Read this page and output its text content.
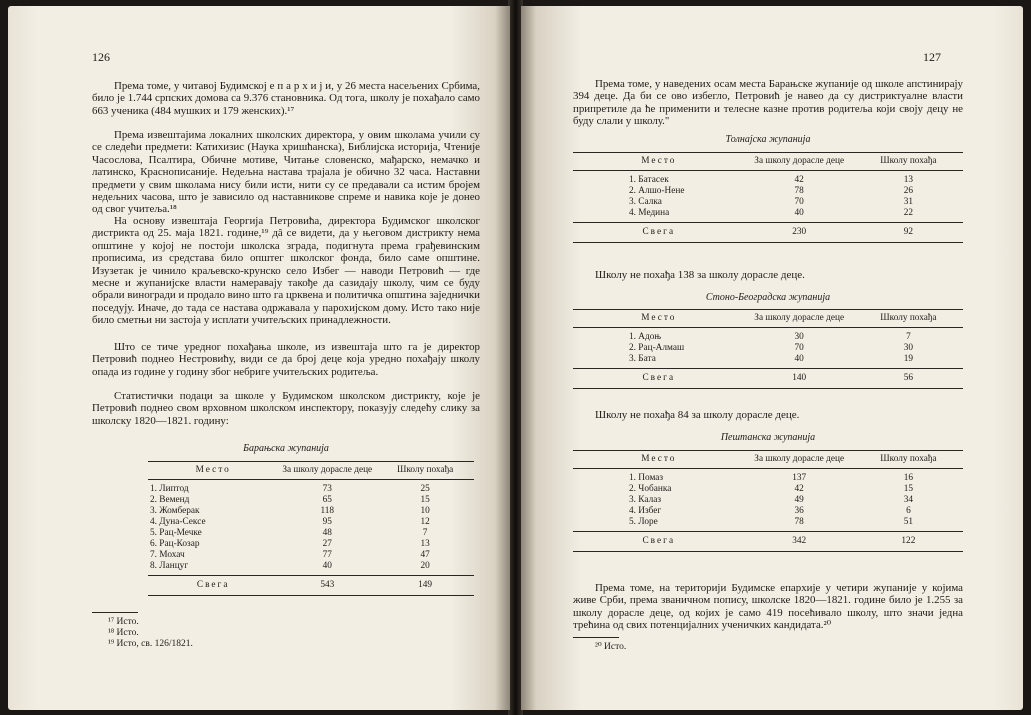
126

Према томе, у читавој Будимској е п а р х и ј и, у 26 места насељених Србима, било је 1.744 српских домова са 9.376 становника. Од тога, школу је похађало само 663 ученика (484 мушких и 179 женских).¹⁷

Према извештајима локалних школских директора, у овим школама учили су се следећи предмети: Катихизис (Наука хришћанска), Библијска историја, Чтеније Часослова, Псалтира, Обичне мотиве, Читање словенско, мађарско, немачко и латинско, Краснописаније. Недељна настава трајала је обично 32 часа. Наставни предмети у свим школама нису били исти, нити су се предавали са истим бројем недељних часова, што је зависило од наставникове спреме и навика које је донео од свог учитеља.¹⁸

На основу извештаја Георгија Петровића, директора Будимског школског дистрикта од 25. маја 1821. године,¹⁹ дâ се видети, да у његовом дистрикту нема општине у којој не постоји школска зграда, подигнута према грађевинским прописима, из средстава било општег школског фонда, било саме општине. Изузетак је чинило краљевско-крунско село Избег — наводи Петровић — где месне и жупанијске власти намеравају такође да сазидају школу, чим се буду обрали виногради и продало вино што га црквена и политичка општина заједнички поседују. Иначе, до тада се настава одржавала у парохијском дому. Исто тако није било сметњи ни застоја у исплати учитељских принадлежности.

Што се тиче уредног похађања школе, из извештаја што га је директор Петровић поднео Нестровићу, види се да број деце која уредно похађају школу опада из године у годину због небриге учитељских родитеља.

Статистички подаци за школе у Будимском школском дистрикту, које је Петровић поднео свом врховном школском инспектору, показују следећу слику за школску 1820—1821. годину:

Барањска жупанија
Место	За школу дорасле деце	Школу похађа
1. Липтод	73	25
2. Веменд	65	15
3. Жомберак	118	10
4. Дуна-Сексе	95	12
5. Рац-Мечке	48	7
6. Рац-Козар	27	13
7. Мохач	77	47
8. Ланцуг	40	20
Свега	543	149
¹⁷ Исто.
¹⁸ Исто.
¹⁹ Исто, св. 126/1821.
127

Према томе, у наведених осам места Барањске жупаније од школе апстинирају 394 деце. Да би се ово избегло, Петровић је навео да су дистриктуалне власти припретиле да ће применити и телесне казне против родитеља који своју децу не буду слали у школу."

Толнајска жупанија
Место	За школу дорасле деце	Школу похађа
1. Батасек	42	13
2. Алшо-Нене	78	26
3. Салка	70	31
4. Медина	40	22
Свега	230	92

Школу не похађа 138 за школу дорасле деце.

Стоно-Београдска жупанија
Место	За школу дорасле деце	Школу похађа
1. Адоњ	30	7
2. Рац-Алмаш	70	30
3. Бата	40	19
Свега	140	56

Школу не похађа 84 за школу дорасле деце.

Пештанска жупанија
Место	За школу дорасле деце	Школу похађа
1. Помаз	137	16
2. Чобанка	42	15
3. Калаз	49	34
4. Избег	36	6
5. Лоре	78	51
Свега	342	122

Према томе, на територији Будимске епархије у четири жупаније у којима живе Срби, према званичном попису, школске 1820—1821. године било је 1.255 за школу дорасле деце, од којих је само 419 посећивало школу, што значи једна трећина од свих потенцијалних ученичких кандидата.²⁰

²⁰ Исто.
